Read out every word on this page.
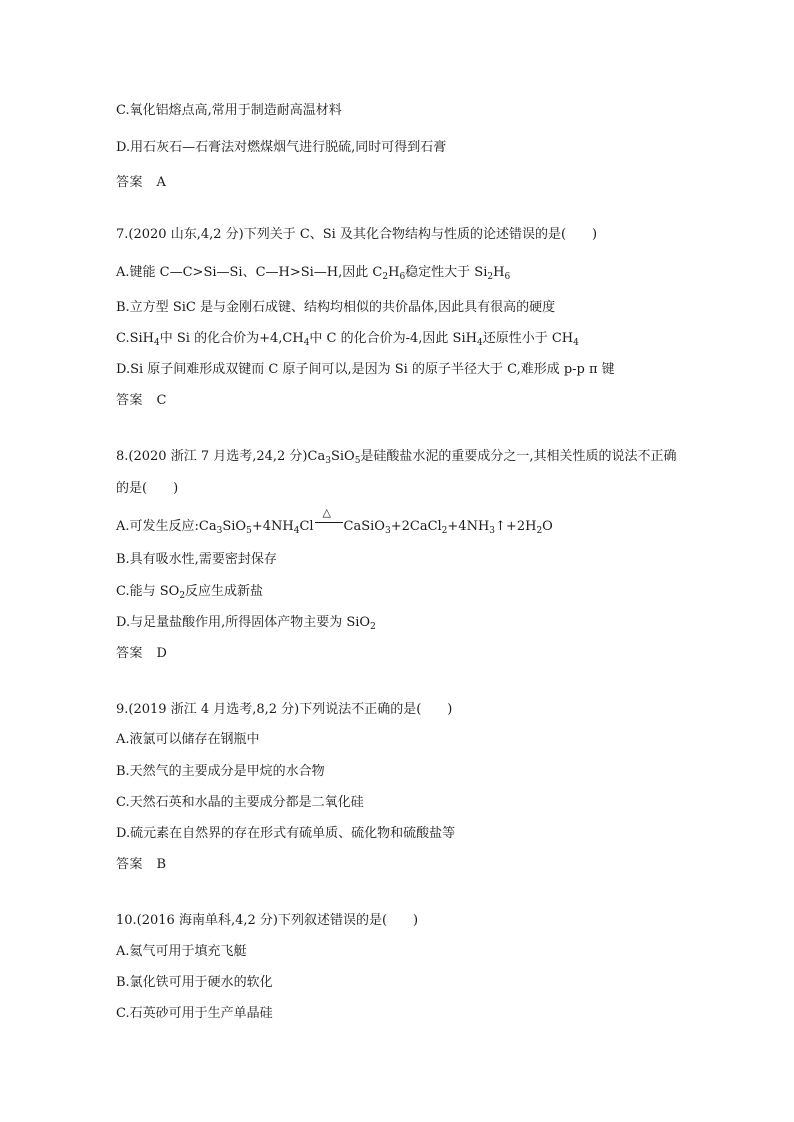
C.氧化铝熔点高,常用于制造耐高温材料
D.用石灰石—石膏法对燃煤烟气进行脱硫,同时可得到石膏
答案　A
7.(2020 山东,4,2 分)下列关于 C、Si 及其化合物结构与性质的论述错误的是(　　)
A.键能 C—C>Si—Si、C—H>Si—H,因此 $C_2H_6$稳定性大于 $Si_2H_6$
B.立方型 SiC 是与金刚石成键、结构均相似的共价晶体,因此具有很高的硬度
C.SiH$_4$中 Si 的化合价为$+4,CH_4$中 C 的化合价为-4,因此 SiH$_4$还原性小于 $CH_4$
D.Si 原子间难形成双键而 C 原子间可以,是因为 Si 的原子半径大于 C,难形成 p-p π 键
答案　C
8.(2020 浙江 7 月选考,24,2 分)$Ca_3SiO_5$是硅酸盐水泥的重要成分之一,其相关性质的说法不正确
的是(　　)
A.可发生反应$:Ca_3SiO_5+4NH_4Cl$
△
$CaSiO_3+2CaCl_2+4NH_3↑+2H_2O$
B.具有吸水性,需要密封保存
C.能与 $SO_2$反应生成新盐
D.与足量盐酸作用,所得固体产物主要为 SiO$_2$
答案　D
9.(2019 浙江 4 月选考,8,2 分)下列说法不正确的是(　　)
A.液氯可以储存在钢瓶中
B.天然气的主要成分是甲烷的水合物
C.天然石英和水晶的主要成分都是二氧化硅
D.硫元素在自然界的存在形式有硫单质、硫化物和硫酸盐等
答案　B
10.(2016 海南单科,4,2 分)下列叙述错误的是(　　)
A.氦气可用于填充飞艇
B.氯化铁可用于硬水的软化
C.石英砂可用于生产单晶硅
